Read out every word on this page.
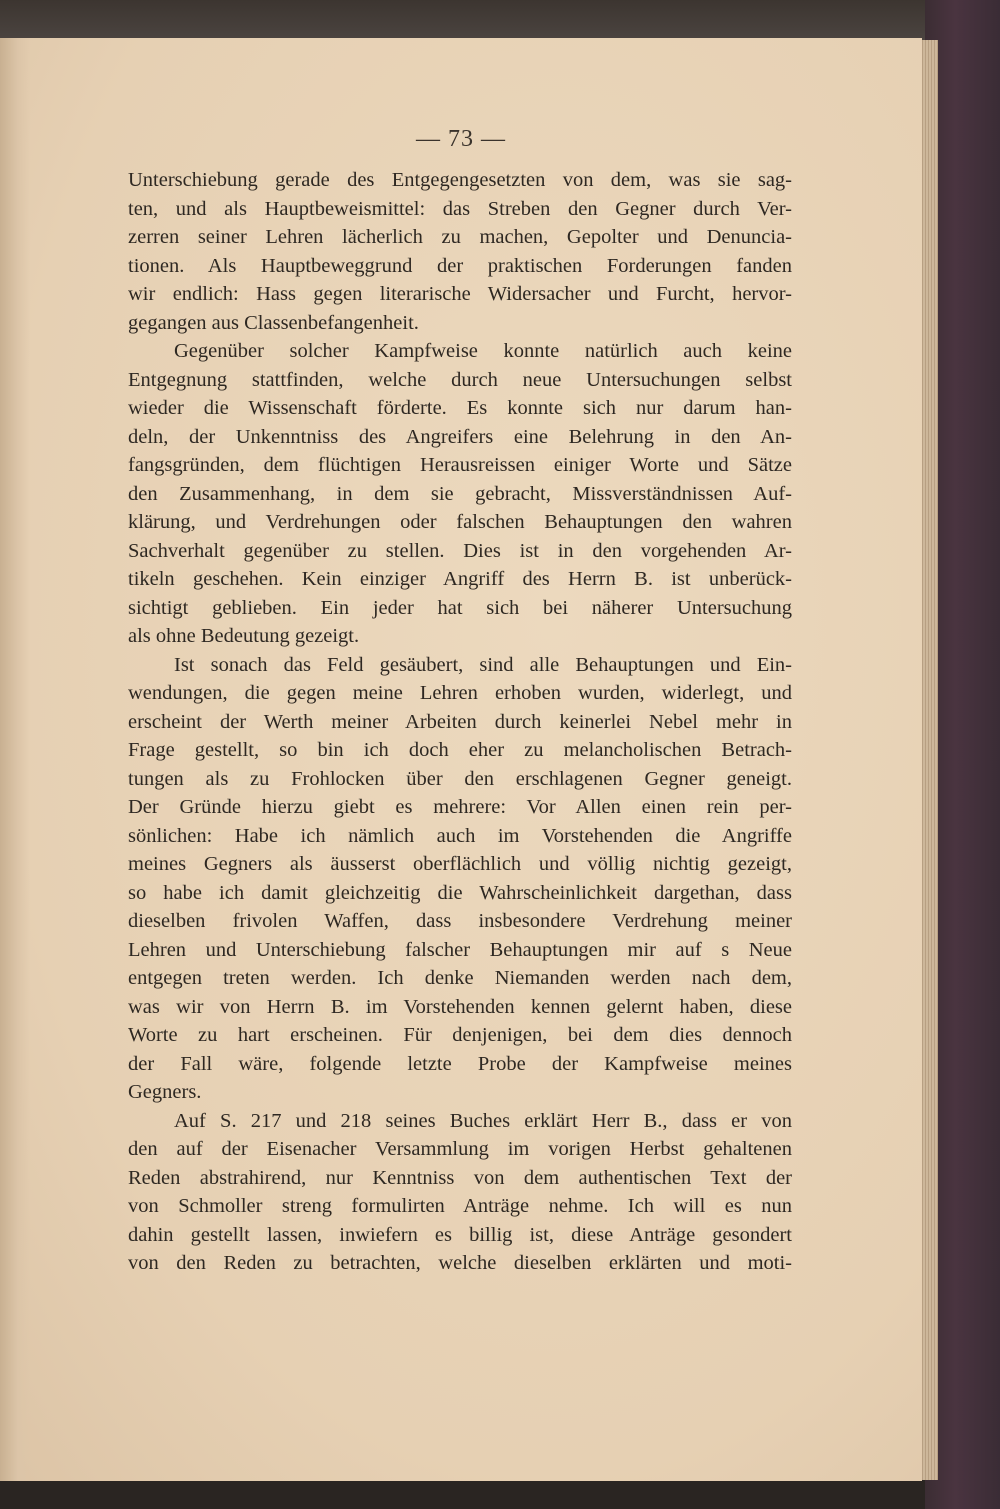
— 73 —
Unterschiebung gerade des Entgegengesetzten von dem, was sie sag-
ten, und als Hauptbeweismittel: das Streben den Gegner durch Ver-
zerren seiner Lehren lächerlich zu machen, Gepolter und Denuncia-
tionen. Als Hauptbeweggrund der praktischen Forderungen fanden
wir endlich: Hass gegen literarische Widersacher und Furcht, hervor-
gegangen aus Classenbefangenheit.
Gegenüber solcher Kampfweise konnte natürlich auch keine
Entgegnung stattfinden, welche durch neue Untersuchungen selbst
wieder die Wissenschaft förderte. Es konnte sich nur darum han-
deln, der Unkenntniss des Angreifers eine Belehrung in den An-
fangsgründen, dem flüchtigen Herausreissen einiger Worte und Sätze
den Zusammenhang, in dem sie gebracht, Missverständnissen Auf-
klärung, und Verdrehungen oder falschen Behauptungen den wahren
Sachverhalt gegenüber zu stellen. Dies ist in den vorgehenden Ar-
tikeln geschehen. Kein einziger Angriff des Herrn B. ist unberück-
sichtigt geblieben. Ein jeder hat sich bei näherer Untersuchung
als ohne Bedeutung gezeigt.
Ist sonach das Feld gesäubert, sind alle Behauptungen und Ein-
wendungen, die gegen meine Lehren erhoben wurden, widerlegt, und
erscheint der Werth meiner Arbeiten durch keinerlei Nebel mehr in
Frage gestellt, so bin ich doch eher zu melancholischen Betrach-
tungen als zu Frohlocken über den erschlagenen Gegner geneigt.
Der Gründe hierzu giebt es mehrere: Vor Allen einen rein per-
sönlichen: Habe ich nämlich auch im Vorstehenden die Angriffe
meines Gegners als äusserst oberflächlich und völlig nichtig gezeigt,
so habe ich damit gleichzeitig die Wahrscheinlichkeit dargethan, dass
dieselben frivolen Waffen, dass insbesondere Verdrehung meiner
Lehren und Unterschiebung falscher Behauptungen mir auf s Neue
entgegen treten werden. Ich denke Niemanden werden nach dem,
was wir von Herrn B. im Vorstehenden kennen gelernt haben, diese
Worte zu hart erscheinen. Für denjenigen, bei dem dies dennoch
der Fall wäre, folgende letzte Probe der Kampfweise meines
Gegners.
Auf S. 217 und 218 seines Buches erklärt Herr B., dass er von
den auf der Eisenacher Versammlung im vorigen Herbst gehaltenen
Reden abstrahirend, nur Kenntniss von dem authentischen Text der
von Schmoller streng formulirten Anträge nehme. Ich will es nun
dahin gestellt lassen, inwiefern es billig ist, diese Anträge gesondert
von den Reden zu betrachten, welche dieselben erklärten und moti-
